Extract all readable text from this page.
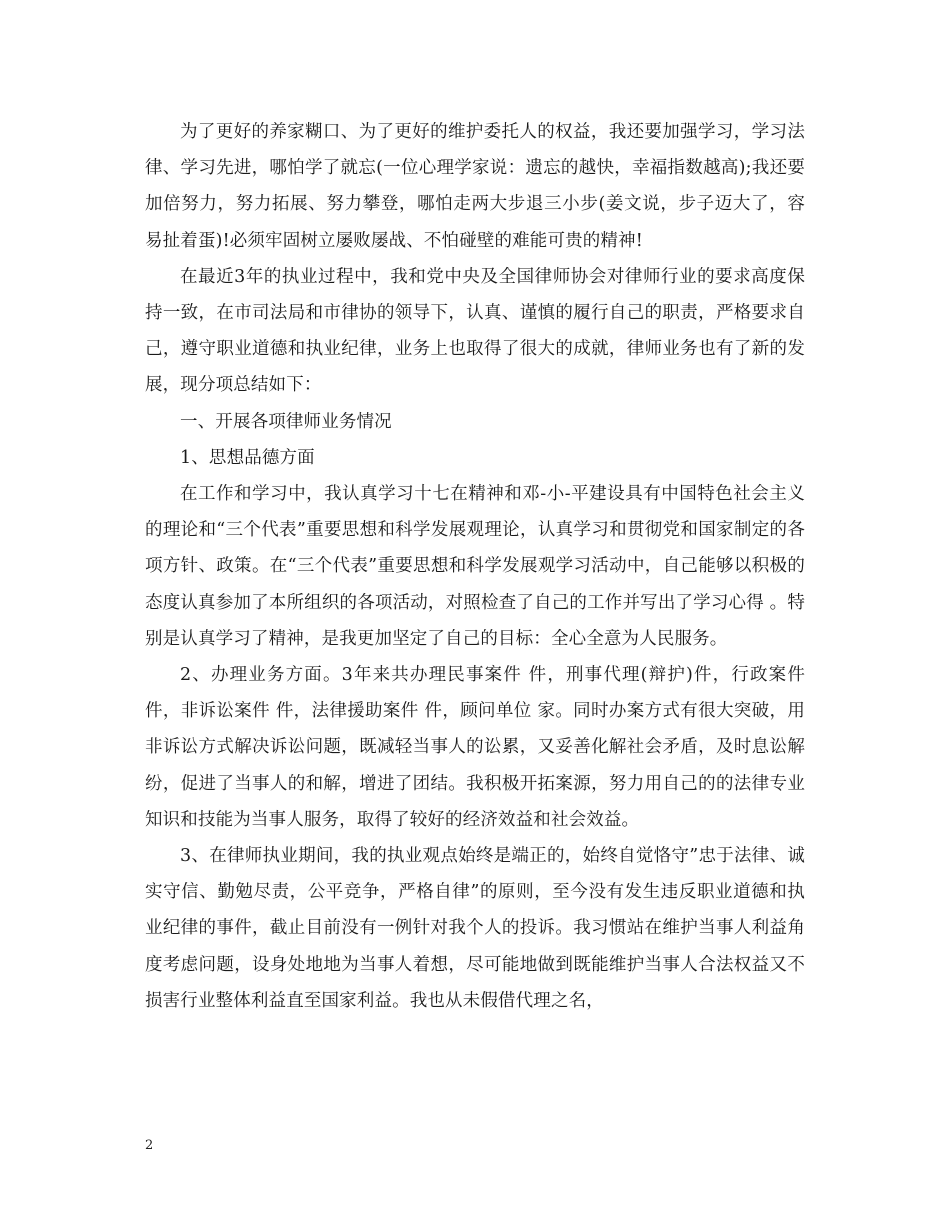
为了更好的养家糊口、为了更好的维护委托人的权益，我还要加强学习，学习法律、学习先进，哪怕学了就忘(一位心理学家说：遗忘的越快，幸福指数越高);我还要加倍努力，努力拓展、努力攀登，哪怕走两大步退三小步(姜文说，步子迈大了，容易扯着蛋)!必须牢固树立屡败屡战、不怕碰壁的难能可贵的精神!

在最近3年的执业过程中，我和党中央及全国律师协会对律师行业的要求高度保持一致，在市司法局和市律协的领导下，认真、谨慎的履行自己的职责，严格要求自己，遵守职业道德和执业纪律，业务上也取得了很大的成就，律师业务也有了新的发展，现分项总结如下：

一、开展各项律师业务情况

1、思想品德方面

在工作和学习中，我认真学习十七在精神和邓-小-平建设具有中国特色社会主义的理论和“三个代表”重要思想和科学发展观理论，认真学习和贯彻党和国家制定的各项方针、政策。在“三个代表”重要思想和科学发展观学习活动中，自己能够以积极的态度认真参加了本所组织的各项活动，对照检查了自己的工作并写出了学习心得 。特别是认真学习了精神，是我更加坚定了自己的目标：全心全意为人民服务。

2、办理业务方面。3年来共办理民事案件 件，刑事代理(辩护)件，行政案件 件，非诉讼案件 件，法律援助案件 件，顾问单位 家。同时办案方式有很大突破，用非诉讼方式解决诉讼问题，既减轻当事人的讼累，又妥善化解社会矛盾，及时息讼解纷，促进了当事人的和解，增进了团结。我积极开拓案源，努力用自己的的法律专业知识和技能为当事人服务，取得了较好的经济效益和社会效益。

3、在律师执业期间，我的执业观点始终是端正的，始终自觉恪守”忠于法律、诚实守信、勤勉尽责，公平竞争，严格自律”的原则，至今没有发生违反职业道德和执业纪律的事件，截止目前没有一例针对我个人的投诉。我习惯站在维护当事人利益角度考虑问题，设身处地地为当事人着想，尽可能地做到既能维护当事人合法权益又不损害行业整体利益直至国家利益。我也从未假借代理之名，

2
